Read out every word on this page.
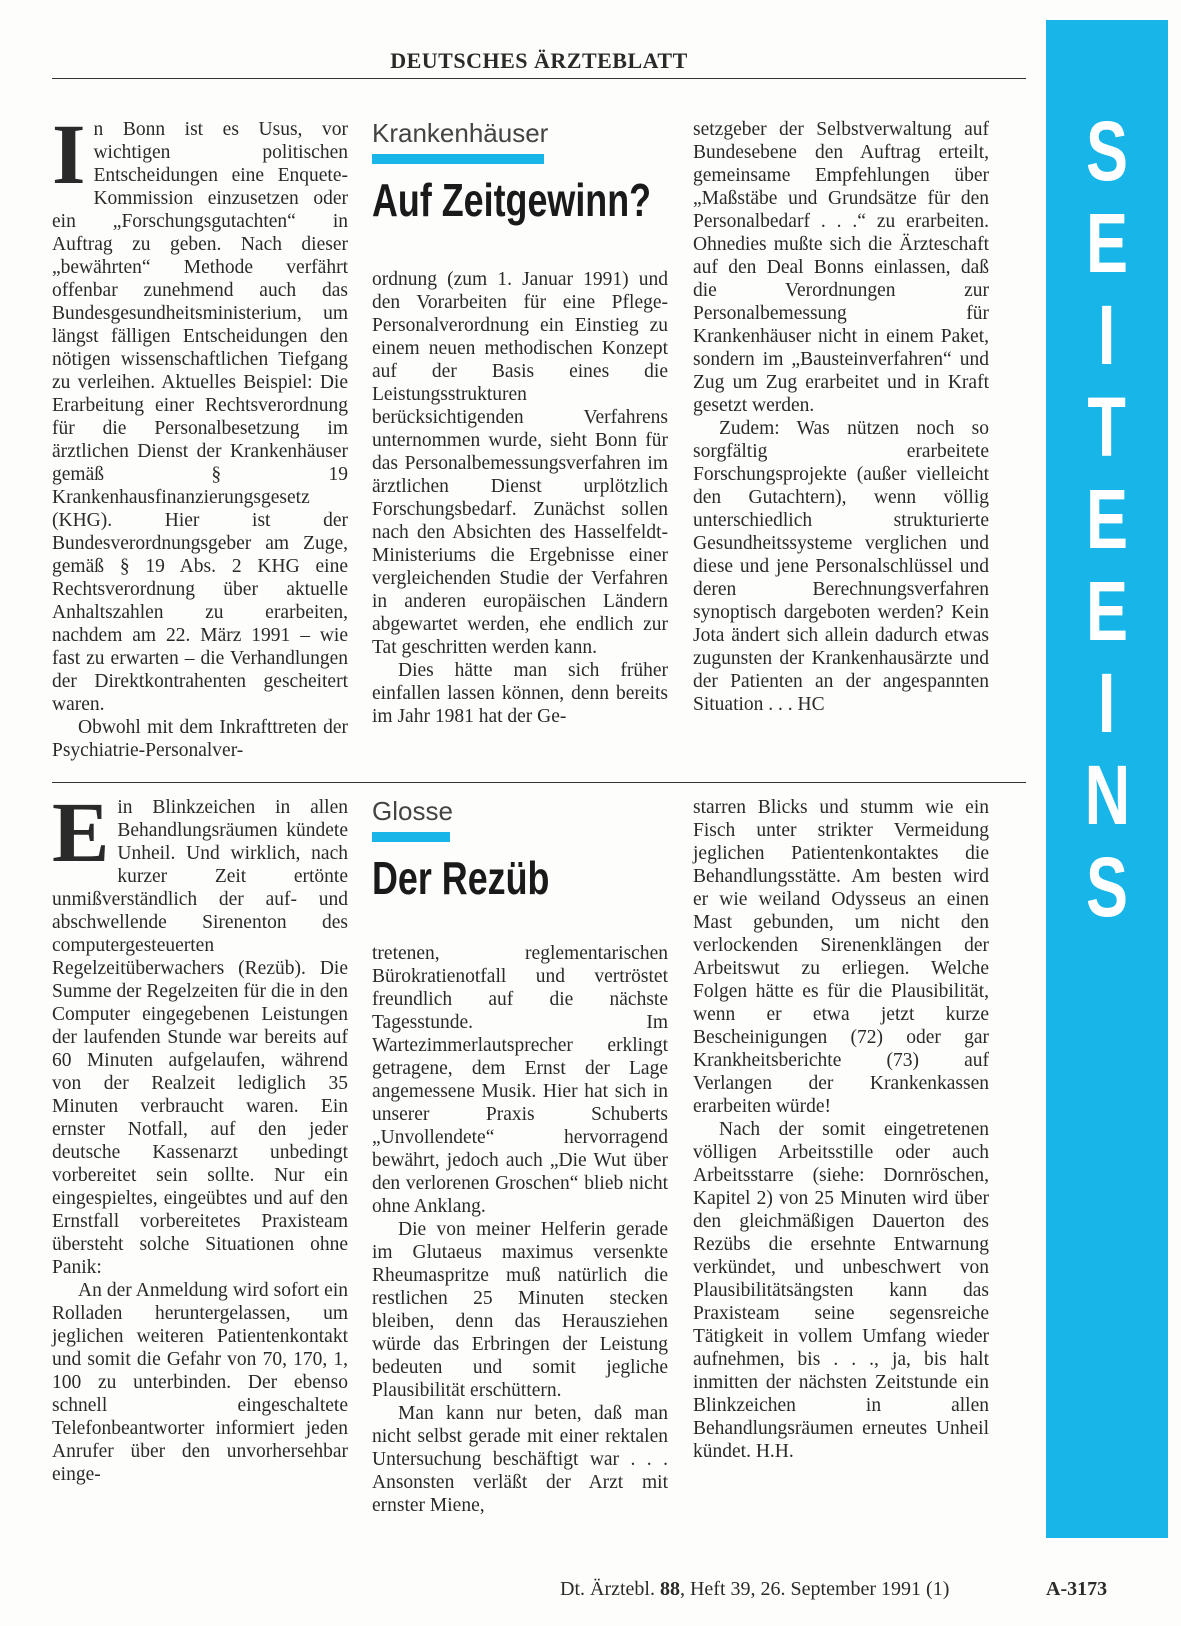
DEUTSCHES ÄRZTEBLATT
S
E
I
T
E
E
I
N
S
I n Bonn ist es Usus, vor wichtigen politischen Entscheidungen eine Enquete-Kommission einzusetzen oder ein „Forschungsgutachten“ in Auftrag zu geben. Nach dieser „bewährten“ Methode verfährt offenbar zunehmend auch das Bundesgesundheitsministerium, um längst fälligen Entscheidungen den nötigen wissenschaftlichen Tiefgang zu verleihen. Aktuelles Beispiel: Die Erarbeitung einer Rechtsverordnung für die Personalbesetzung im ärztlichen Dienst der Krankenhäuser gemäß § 19 Krankenhausfinanzierungsgesetz (KHG). Hier ist der Bundesverordnungsgeber am Zuge, gemäß § 19 Abs. 2 KHG eine Rechtsverordnung über aktuelle Anhaltszahlen zu erarbeiten, nachdem am 22. März 1991 – wie fast zu erwarten – die Verhandlungen der Direktkontrahenten gescheitert waren.

Obwohl mit dem Inkrafttreten der Psychiatrie-Personalver-

Krankenhäuser
Auf Zeitgewinn?

ordnung (zum 1. Januar 1991) und den Vorarbeiten für eine Pflege-Personalverordnung ein Einstieg zu einem neuen methodischen Konzept auf der Basis eines die Leistungsstrukturen berücksichtigenden Verfahrens unternommen wurde, sieht Bonn für das Personalbemessungsverfahren im ärztlichen Dienst urplötzlich Forschungsbedarf. Zunächst sollen nach den Absichten des Hasselfeldt-Ministeriums die Ergebnisse einer vergleichenden Studie der Verfahren in anderen europäischen Ländern abgewartet werden, ehe endlich zur Tat geschritten werden kann.

Dies hätte man sich früher einfallen lassen können, denn bereits im Jahr 1981 hat der Ge-

setzgeber der Selbstverwaltung auf Bundesebene den Auftrag erteilt, gemeinsame Empfehlungen über „Maßstäbe und Grundsätze für den Personalbedarf . . .“ zu erarbeiten. Ohnedies mußte sich die Ärzteschaft auf den Deal Bonns einlassen, daß die Verordnungen zur Personalbemessung für Krankenhäuser nicht in einem Paket, sondern im „Bausteinverfahren“ und Zug um Zug erarbeitet und in Kraft gesetzt werden.

Zudem: Was nützen noch so sorgfältig erarbeitete Forschungsprojekte (außer vielleicht den Gutachtern), wenn völlig unterschiedlich strukturierte Gesundheitssysteme verglichen und diese und jene Personalschlüssel und deren Berechnungsverfahren synoptisch dargeboten werden? Kein Jota ändert sich allein dadurch etwas zugunsten der Krankenhausärzte und der Patienten an der angespannten Situation . . . HC

E in Blinkzeichen in allen Behandlungsräumen kündete Unheil. Und wirklich, nach kurzer Zeit ertönte unmißverständlich der auf- und abschwellende Sirenenton des computergesteuerten Regelzeitüberwachers (Rezüb). Die Summe der Regelzeiten für die in den Computer eingegebenen Leistungen der laufenden Stunde war bereits auf 60 Minuten aufgelaufen, während von der Realzeit lediglich 35 Minuten verbraucht waren. Ein ernster Notfall, auf den jeder deutsche Kassenarzt unbedingt vorbereitet sein sollte. Nur ein eingespieltes, eingeübtes und auf den Ernstfall vorbereitetes Praxisteam übersteht solche Situationen ohne Panik:

An der Anmeldung wird sofort ein Rolladen heruntergelassen, um jeglichen weiteren Patientenkontakt und somit die Gefahr von 70, 170, 1, 100 zu unterbinden. Der ebenso schnell eingeschaltete Telefonbeantworter informiert jeden Anrufer über den unvorhersehbar einge-

Glosse
Der Rezüb

tretenen, reglementarischen Bürokratienotfall und vertröstet freundlich auf die nächste Tagesstunde. Im Wartezimmerlautsprecher erklingt getragene, dem Ernst der Lage angemessene Musik. Hier hat sich in unserer Praxis Schuberts „Unvollendete“ hervorragend bewährt, jedoch auch „Die Wut über den verlorenen Groschen“ blieb nicht ohne Anklang.

Die von meiner Helferin gerade im Glutaeus maximus versenkte Rheumaspritze muß natürlich die restlichen 25 Minuten stecken bleiben, denn das Herausziehen würde das Erbringen der Leistung bedeuten und somit jegliche Plausibilität erschüttern.

Man kann nur beten, daß man nicht selbst gerade mit einer rektalen Untersuchung beschäftigt war . . . Ansonsten verläßt der Arzt mit ernster Miene,

starren Blicks und stumm wie ein Fisch unter strikter Vermeidung jeglichen Patientenkontaktes die Behandlungsstätte. Am besten wird er wie weiland Odysseus an einen Mast gebunden, um nicht den verlockenden Sirenenklängen der Arbeitswut zu erliegen. Welche Folgen hätte es für die Plausibilität, wenn er etwa jetzt kurze Bescheinigungen (72) oder gar Krankheitsberichte (73) auf Verlangen der Krankenkassen erarbeiten würde!

Nach der somit eingetretenen völligen Arbeitsstille oder auch Arbeitsstarre (siehe: Dornröschen, Kapitel 2) von 25 Minuten wird über den gleichmäßigen Dauerton des Rezübs die ersehnte Entwarnung verkündet, und unbeschwert von Plausibilitätsängsten kann das Praxisteam seine segensreiche Tätigkeit in vollem Umfang wieder aufnehmen, bis . . ., ja, bis halt inmitten der nächsten Zeitstunde ein Blinkzeichen in allen Behandlungsräumen erneutes Unheil kündet. H.H.

Dt. Ärztebl. 88, Heft 39, 26. September 1991 (1)	A-3173
